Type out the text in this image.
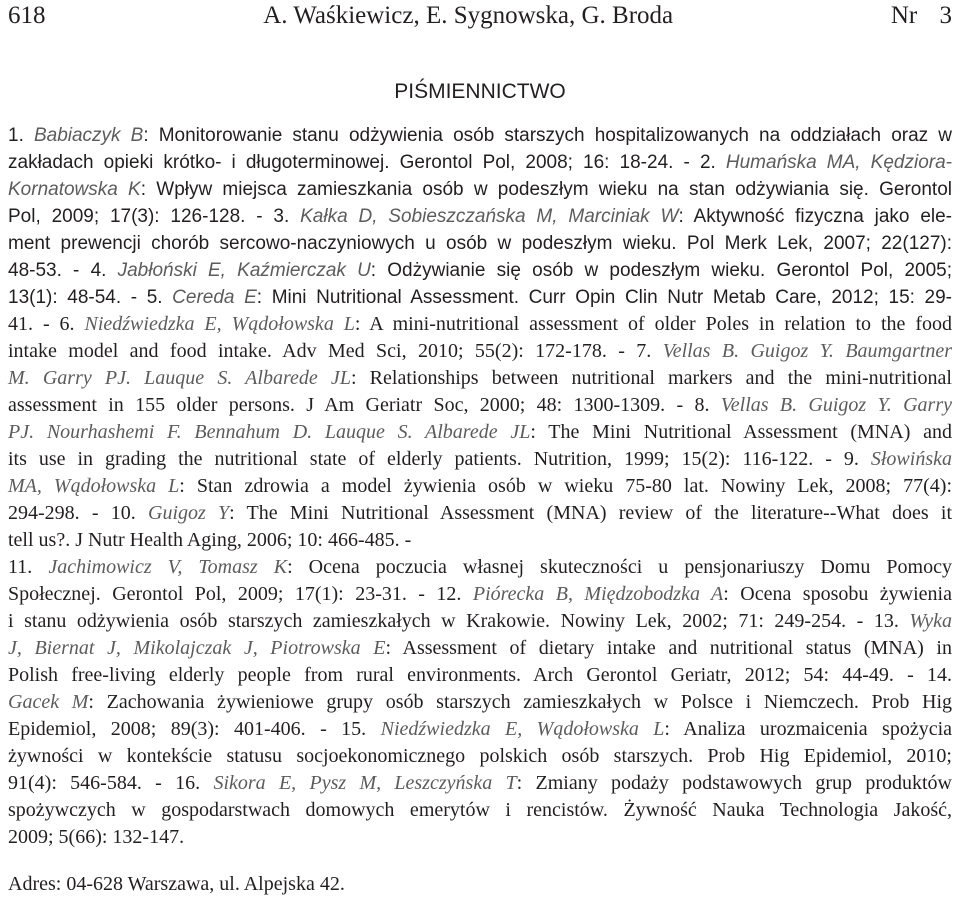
618	A. Waśkiewicz, E. Sygnowska, G. Broda	Nr 3
PIŚMIENNICTWO
1. Babiaczyk B: Monitorowanie stanu odżywienia osób starszych hospitalizowanych na oddziałach oraz w
zakładach opieki krótko- i długoterminowej. Gerontol Pol, 2008; 16: 18-24. - 2. Humańska MA, Kędziora-
Kornatowska K: Wpływ miejsca zamieszkania osób w podeszłym wieku na stan odżywiania się. Gerontol
Pol, 2009; 17(3): 126-128. - 3. Kałka D, Sobieszczańska M, Marciniak W: Aktywność fizyczna jako ele-
ment prewencji chorób sercowo-naczyniowych u osób w podeszłym wieku. Pol Merk Lek, 2007; 22(127):
48-53. - 4. Jabłoński E, Kaźmierczak U: Odżywianie się osób w podeszłym wieku. Gerontol Pol, 2005;
13(1): 48-54. - 5. Cereda E: Mini Nutritional Assessment. Curr Opin Clin Nutr Metab Care, 2012; 15: 29-
41. - 6. Niedźwiedzka E, Wądołowska L: A mini-nutritional assessment of older Poles in relation to the food
intake model and food intake. Adv Med Sci, 2010; 55(2): 172-178. - 7. Vellas B. Guigoz Y. Baumgartner
M. Garry PJ. Lauque S. Albarede JL: Relationships between nutritional markers and the mini-nutritional
assessment in 155 older persons. J Am Geriatr Soc, 2000; 48: 1300-1309. - 8. Vellas B. Guigoz Y. Garry
PJ. Nourhashemi F. Bennahum D. Lauque S. Albarede JL: The Mini Nutritional Assessment (MNA) and
its use in grading the nutritional state of elderly patients. Nutrition, 1999; 15(2): 116-122. - 9. Słowińska
MA, Wądołowska L: Stan zdrowia a model żywienia osób w wieku 75-80 lat. Nowiny Lek, 2008; 77(4):
294-298. - 10. Guigoz Y: The Mini Nutritional Assessment (MNA) review of the literature--What does it
tell us?. J Nutr Health Aging, 2006; 10: 466-485. -
11. Jachimowicz V, Tomasz K: Ocena poczucia własnej skuteczności u pensjonariuszy Domu Pomocy
Społecznej. Gerontol Pol, 2009; 17(1): 23-31. - 12. Piórecka B, Międzobodzka A: Ocena sposobu żywienia
i stanu odżywienia osób starszych zamieszkałych w Krakowie. Nowiny Lek, 2002; 71: 249-254. - 13. Wyka
J, Biernat J, Mikolajczak J, Piotrowska E: Assessment of dietary intake and nutritional status (MNA) in
Polish free-living elderly people from rural environments. Arch Gerontol Geriatr, 2012; 54: 44-49. - 14.
Gacek M: Zachowania żywieniowe grupy osób starszych zamieszkałych w Polsce i Niemczech. Prob Hig
Epidemiol, 2008; 89(3): 401-406. - 15. Niedźwiedzka E, Wądołowska L: Analiza urozmaicenia spożycia
żywności w kontekście statusu socjoekonomicznego polskich osób starszych. Prob Hig Epidemiol, 2010;
91(4): 546-584. - 16. Sikora E, Pysz M, Leszczyńska T: Zmiany podaży podstawowych grup produktów
spożywczych w gospodarstwach domowych emerytów i rencistów. Żywność Nauka Technologia Jakość,
2009; 5(66): 132-147.
Adres: 04-628 Warszawa, ul. Alpejska 42.
